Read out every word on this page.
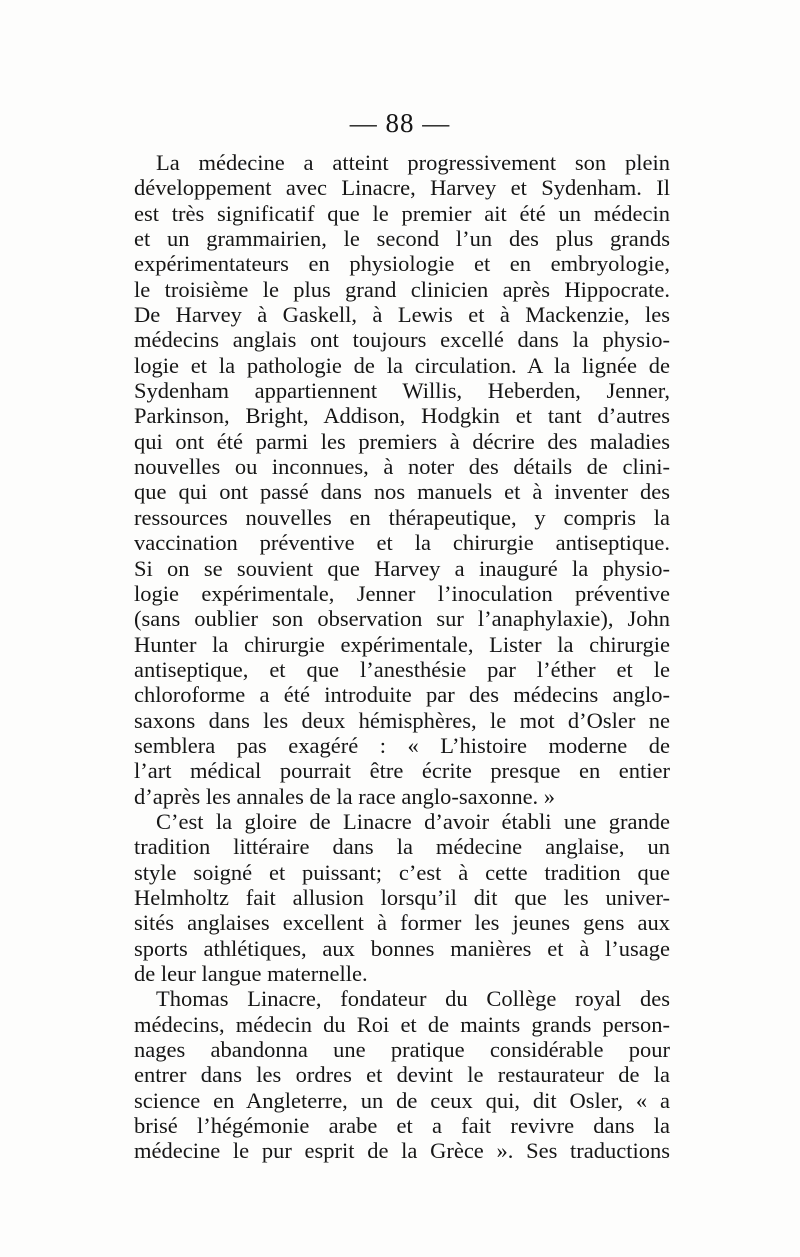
— 88 —
La médecine a atteint progressivement son plein
développement avec Linacre, Harvey et Sydenham. Il
est très significatif que le premier ait été un médecin
et un grammairien, le second l’un des plus grands
expérimentateurs en physiologie et en embryologie,
le troisième le plus grand clinicien après Hippocrate.
De Harvey à Gaskell, à Lewis et à Mackenzie, les
médecins anglais ont toujours excellé dans la physio-
logie et la pathologie de la circulation. A la lignée de
Sydenham appartiennent Willis, Heberden, Jenner,
Parkinson, Bright, Addison, Hodgkin et tant d’autres
qui ont été parmi les premiers à décrire des maladies
nouvelles ou inconnues, à noter des détails de clini-
que qui ont passé dans nos manuels et à inventer des
ressources nouvelles en thérapeutique, y compris la
vaccination préventive et la chirurgie antiseptique.
Si on se souvient que Harvey a inauguré la physio-
logie expérimentale, Jenner l’inoculation préventive
(sans oublier son observation sur l’anaphylaxie), John
Hunter la chirurgie expérimentale, Lister la chirurgie
antiseptique, et que l’anesthésie par l’éther et le
chloroforme a été introduite par des médecins anglo-
saxons dans les deux hémisphères, le mot d’Osler ne
semblera pas exagéré : « L’histoire moderne de
l’art médical pourrait être écrite presque en entier
d’après les annales de la race anglo-saxonne. »
C’est la gloire de Linacre d’avoir établi une grande
tradition littéraire dans la médecine anglaise, un
style soigné et puissant; c’est à cette tradition que
Helmholtz fait allusion lorsqu’il dit que les univer-
sités anglaises excellent à former les jeunes gens aux
sports athlétiques, aux bonnes manières et à l’usage
de leur langue maternelle.
Thomas Linacre, fondateur du Collège royal des
médecins, médecin du Roi et de maints grands person-
nages abandonna une pratique considérable pour
entrer dans les ordres et devint le restaurateur de la
science en Angleterre, un de ceux qui, dit Osler, « a
brisé l’hégémonie arabe et a fait revivre dans la
médecine le pur esprit de la Grèce ». Ses traductions
